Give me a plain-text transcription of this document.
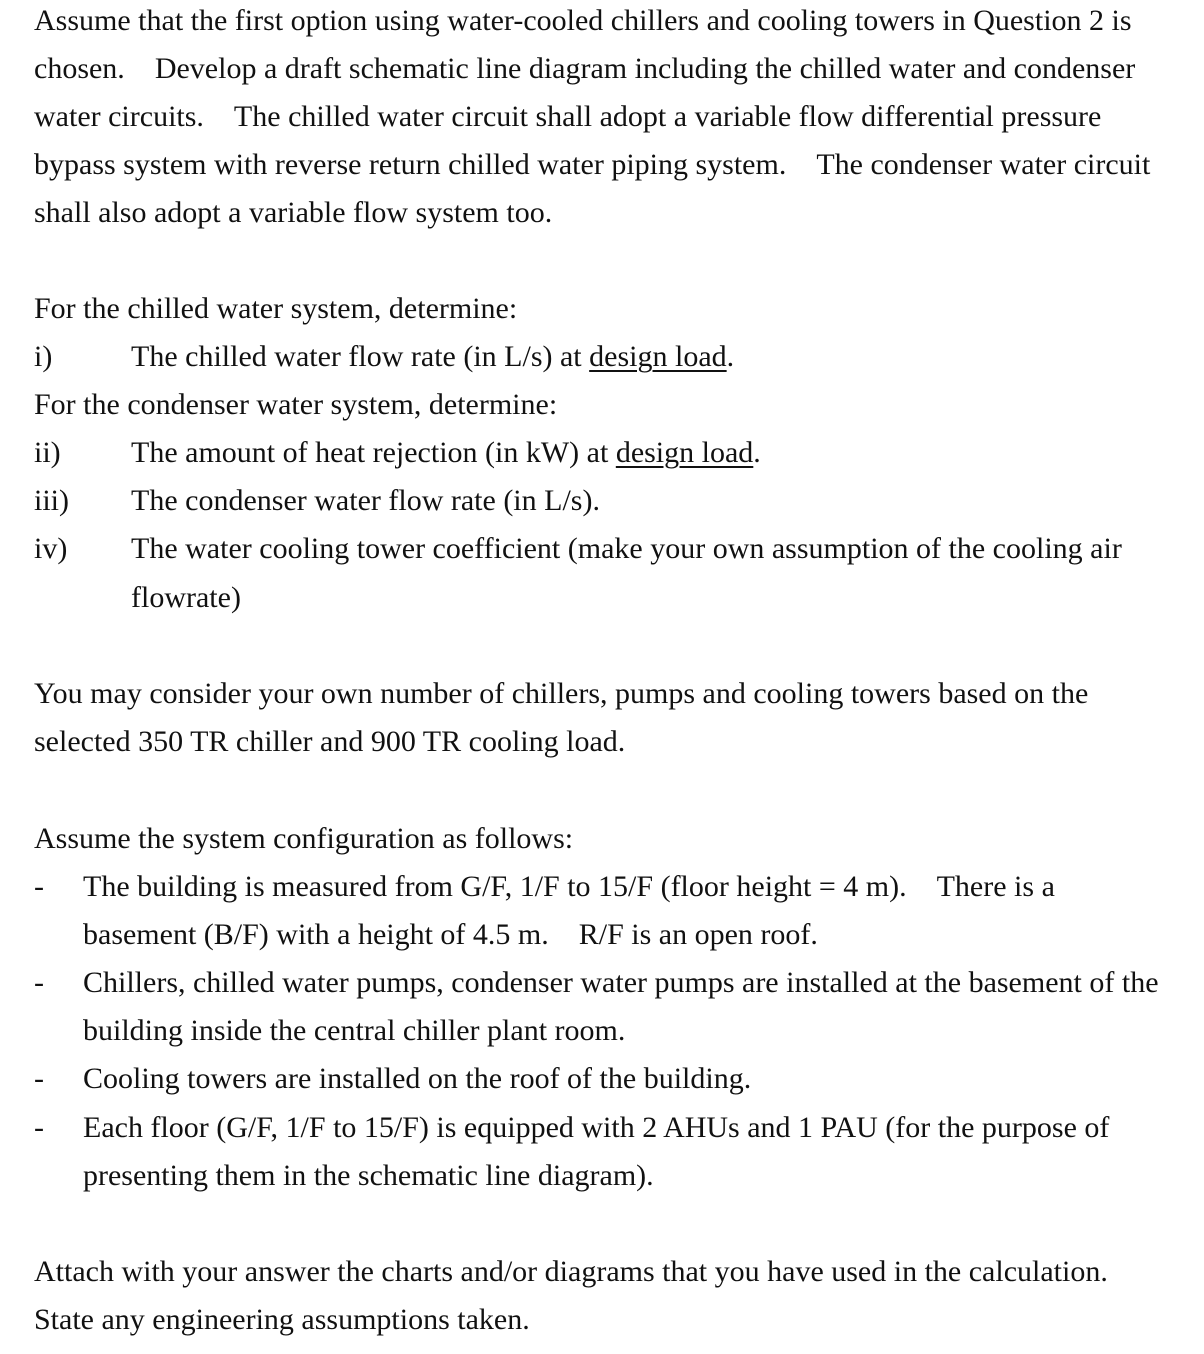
Assume that the first option using water-cooled chillers and cooling towers in Question 2 is
chosen. Develop a draft schematic line diagram including the chilled water and condenser
water circuits. The chilled water circuit shall adopt a variable flow differential pressure
bypass system with reverse return chilled water piping system. The condenser water circuit
shall also adopt a variable flow system too.
For the chilled water system, determine:
i)	The chilled water flow rate (in L/s) at design load.
For the condenser water system, determine:
ii) The amount of heat rejection (in kW) at design load.
iii) The condenser water flow rate (in L/s).
iv) The water cooling tower coefficient (make your own assumption of the cooling air
flowrate)
You may consider your own number of chillers, pumps and cooling towers based on the
selected 350 TR chiller and 900 TR cooling load.
Assume the system configuration as follows:
- The building is measured from G/F, 1/F to 15/F (floor height = 4 m). There is a
basement (B/F) with a height of 4.5 m. R/F is an open roof.
- Chillers, chilled water pumps, condenser water pumps are installed at the basement of the
building inside the central chiller plant room.
- Cooling towers are installed on the roof of the building.
- Each floor (G/F, 1/F to 15/F) is equipped with 2 AHUs and 1 PAU (for the purpose of
presenting them in the schematic line diagram).
Attach with your answer the charts and/or diagrams that you have used in the calculation.
State any engineering assumptions taken.
